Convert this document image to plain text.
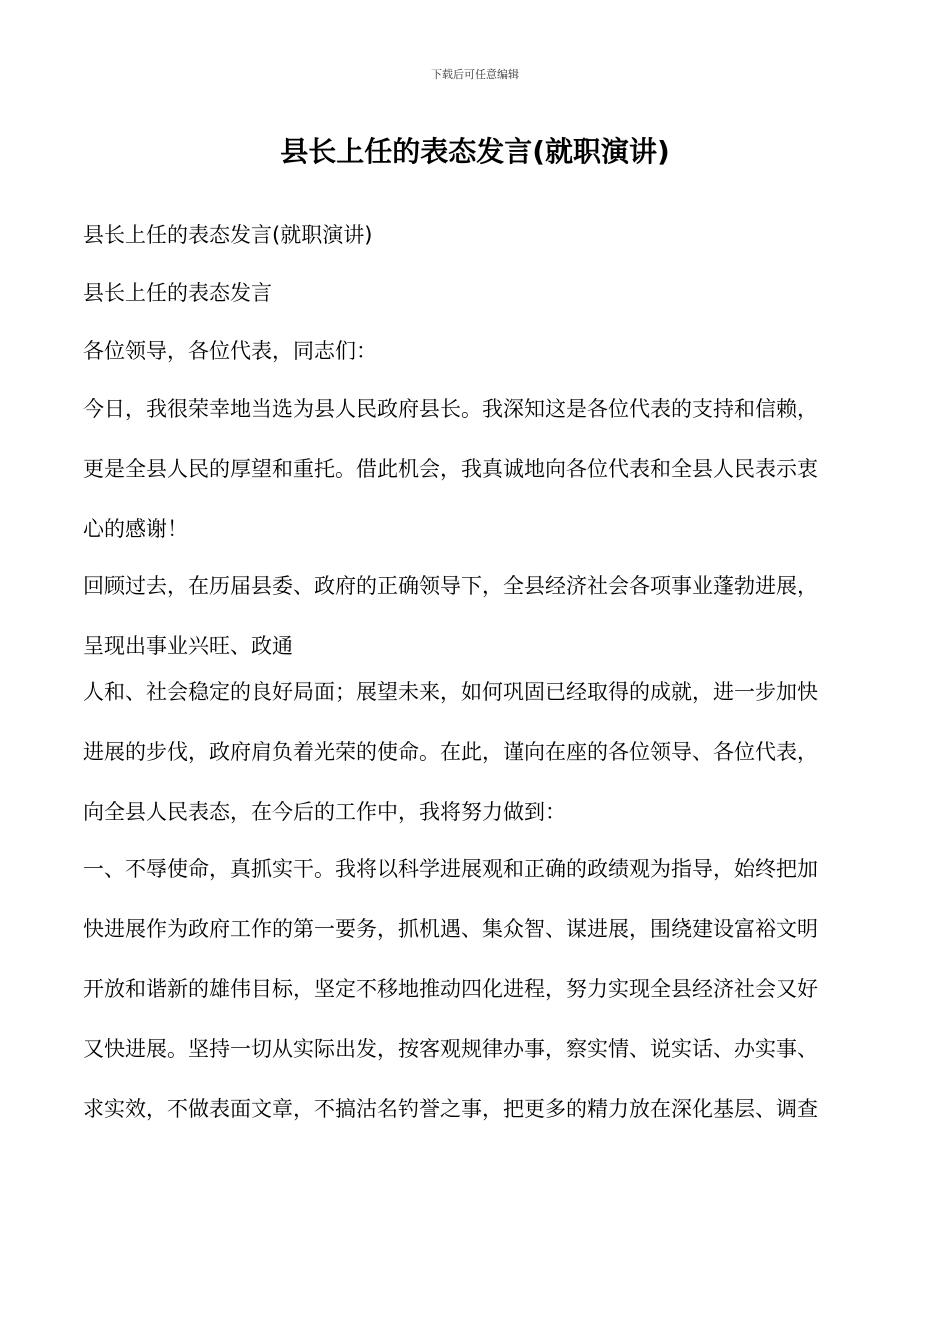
下载后可任意编辑
县长上任的表态发言(就职演讲)

县长上任的表态发言(就职演讲)

县长上任的表态发言

各位领导，各位代表，同志们：

今日，我很荣幸地当选为县人民政府县长。我深知这是各位代表的支持和信赖，

更是全县人民的厚望和重托。借此机会，我真诚地向各位代表和全县人民表示衷

心的感谢！

回顾过去，在历届县委、政府的正确领导下，全县经济社会各项事业蓬勃进展，

呈现出事业兴旺、政通

人和、社会稳定的良好局面；展望未来，如何巩固已经取得的成就，进一步加快

进展的步伐，政府肩负着光荣的使命。在此，谨向在座的各位领导、各位代表，

向全县人民表态，在今后的工作中，我将努力做到：

一、不辱使命，真抓实干。我将以科学进展观和正确的政绩观为指导，始终把加

快进展作为政府工作的第一要务，抓机遇、集众智、谋进展，围绕建设富裕文明

开放和谐新的雄伟目标，坚定不移地推动四化进程，努力实现全县经济社会又好

又快进展。坚持一切从实际出发，按客观规律办事，察实情、说实话、办实事、

求实效，不做表面文章，不搞沽名钓誉之事，把更多的精力放在深化基层、调查
